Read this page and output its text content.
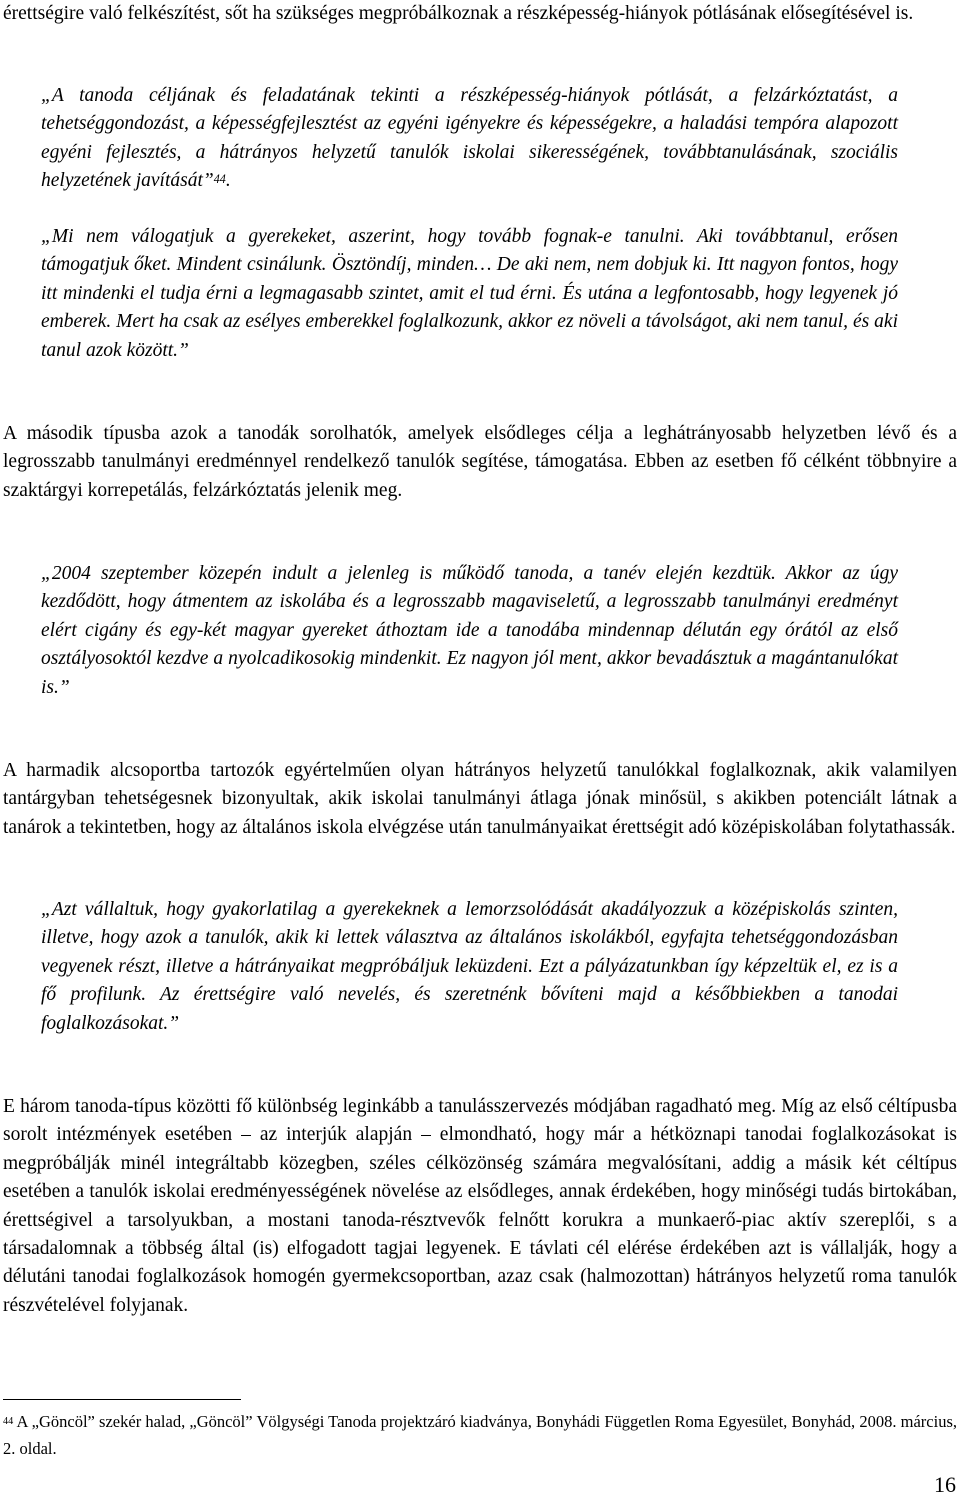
érettségire való felkészítést, sőt ha szükséges megpróbálkoznak a részképesség-hiányok pótlásának elősegítésével is.

„A tanoda céljának és feladatának tekinti a részképesség-hiányok pótlását, a felzárkóztatást, a tehetséggondozást, a képességfejlesztést az egyéni igényekre és képességekre, a haladási tempóra alapozott egyéni fejlesztés, a hátrányos helyzetű tanulók iskolai sikerességének, továbbtanulásának, szociális helyzetének javítását”$^{44}$.

„Mi nem válogatjuk a gyerekeket, aszerint, hogy tovább fognak-e tanulni. Aki továbbtanul, erősen támogatjuk őket. Mindent csinálunk. Ösztöndíj, minden… De aki nem, nem dobjuk ki. Itt nagyon fontos, hogy itt mindenki el tudja érni a legmagasabb szintet, amit el tud érni. És utána a legfontosabb, hogy legyenek jó emberek. Mert ha csak az esélyes emberekkel foglalkozunk, akkor ez növeli a távolságot, aki nem tanul, és aki tanul azok között.”

A második típusba azok a tanodák sorolhatók, amelyek elsődleges célja a leghátrányosabb helyzetben lévő és a legrosszabb tanulmányi eredménnyel rendelkező tanulók segítése, támogatása. Ebben az esetben fő célként többnyire a szaktárgyi korrepetálás, felzárkóztatás jelenik meg.

„2004 szeptember közepén indult a jelenleg is működő tanoda, a tanév elején kezdtük. Akkor az úgy kezdődött, hogy átmentem az iskolába és a legrosszabb magaviseletű, a legrosszabb tanulmányi eredményt elért cigány és egy-két magyar gyereket áthoztam ide a tanodába mindennap délután egy órától az első osztályosoktól kezdve a nyolcadikosokig mindenkit. Ez nagyon jól ment, akkor bevadásztuk a magántanulókat is.”

A harmadik alcsoportba tartozók egyértelműen olyan hátrányos helyzetű tanulókkal foglalkoznak, akik valamilyen tantárgyban tehetségesnek bizonyultak, akik iskolai tanulmányi átlaga jónak minősül, s akikben potenciált látnak a tanárok a tekintetben, hogy az általános iskola elvégzése után tanulmányaikat érettségit adó középiskolában folytathassák.

„Azt vállaltuk, hogy gyakorlatilag a gyerekeknek a lemorzsolódását akadályozzuk a középiskolás szinten, illetve, hogy azok a tanulók, akik ki lettek választva az általános iskolákból, egyfajta tehetséggondozásban vegyenek részt, illetve a hátrányaikat megpróbáljuk leküzdeni. Ezt a pályázatunkban így képzeltük el, ez is a fő profilunk. Az érettségire való nevelés, és szeretnénk bővíteni majd a későbbiekben a tanodai foglalkozásokat.”

E három tanoda-típus közötti fő különbség leginkább a tanulásszervezés módjában ragadható meg. Míg az első céltípusba sorolt intézmények esetében – az interjúk alapján – elmondható, hogy már a hétköznapi tanodai foglalkozásokat is megpróbálják minél integráltabb közegben, széles célközönség számára megvalósítani, addig a másik két céltípus esetében a tanulók iskolai eredményességének növelése az elsődleges, annak érdekében, hogy minőségi tudás birtokában, érettségivel a tarsolyukban, a mostani tanoda-résztvevők felnőtt korukra a munkaerő-piac aktív szereplői, s a társadalomnak a többség által (is) elfogadott tagjai legyenek. E távlati cél elérése érdekében azt is vállalják, hogy a délutáni tanodai foglalkozások homogén gyermekcsoportban, azaz csak (halmozottan) hátrányos helyzetű roma tanulók részvételével folyjanak.

$^{44}$ A „Göncöl” szekér halad, „Göncöl” Völgységi Tanoda projektzáró kiadványa, Bonyhádi Független Roma Egyesület, Bonyhád, 2008. március, 2. oldal.

16
